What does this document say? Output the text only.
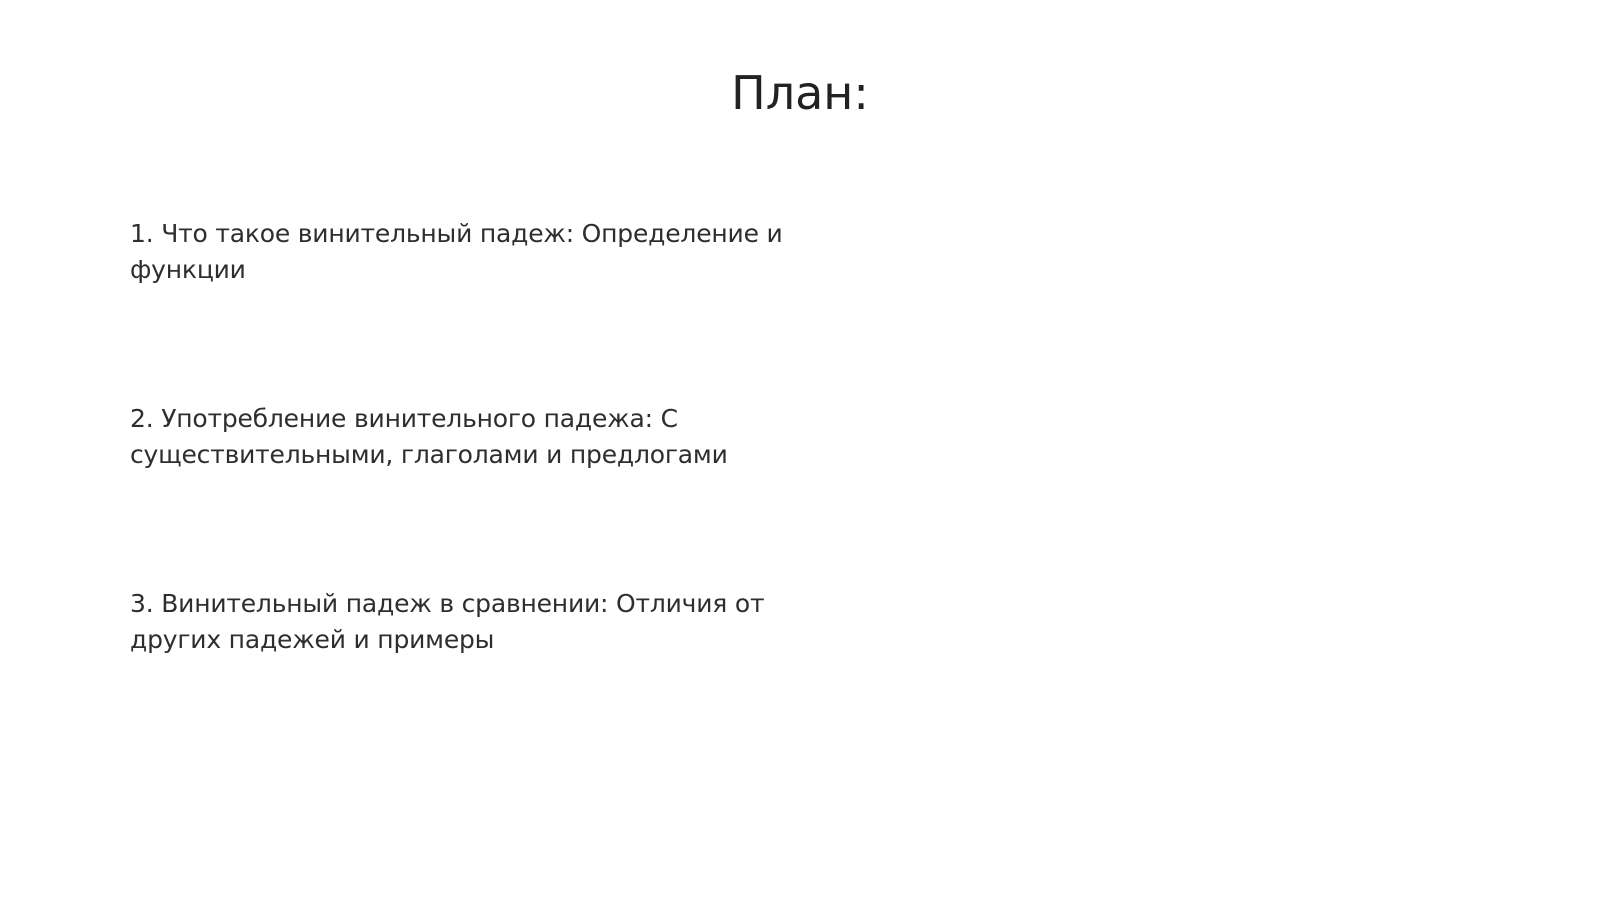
План:
1. Что такое винительный падеж: Определение и функции
2. Употребление винительного падежа: С существительными, глаголами и предлогами
3. Винительный падеж в сравнении: Отличия от других падежей и примеры
